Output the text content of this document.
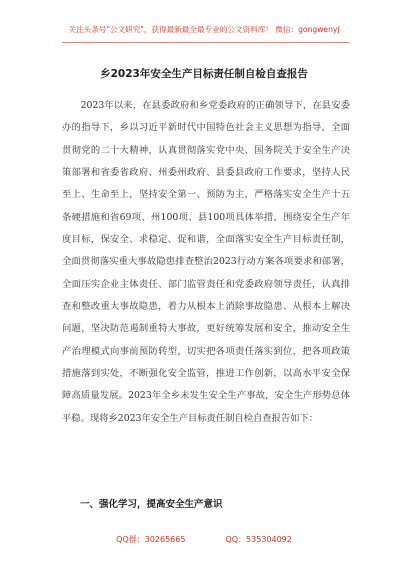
关注头条号"公文研究"，获得最新最全最专业的公文资料库！ 微信：gongwenyj
乡2023年安全生产目标责任制自检自查报告

2023年以来，在县委政府和乡党委政府的正确领导下，在县安委办的指导下，乡以习近平新时代中国特色社会主义思想为指导，全面贯彻党的二十大精神，认真贯彻落实党中央、国务院关于安全生产决策部署和省委省政府、州委州政府、县委县政府工作要求，坚持人民至上、生命至上，坚持安全第一、预防为主，严格落实安全生产十五条硬措施和省69项、州100项、县100项具体举措，围绕安全生产年度目标，保安全、求稳定、促和谐，全面落实安全生产目标责任制，全面贯彻落实重大事故隐患排查整治2023行动方案各项要求和部署，全面压实企业主体责任、部门监管责任和党委政府领导责任，认真排查和整改重大事故隐患，着力从根本上消除事故隐患、从根本上解决问题，坚决防范遏制重特大事故，更好统筹发展和安全，推动安全生产治理模式向事前预防转型，切实把各项责任落实到位，把各项政策措施落到实处，不断强化安全监管，推进工作创新，以高水平安全保障高质量发展。2023年全乡未发生安全生产事故，安全生产形势总体平稳。现将乡2023年安全生产目标责任制自检自查报告如下：

一、强化学习，提高安全生产意识
QQ群：30265665	QQ：535304092
